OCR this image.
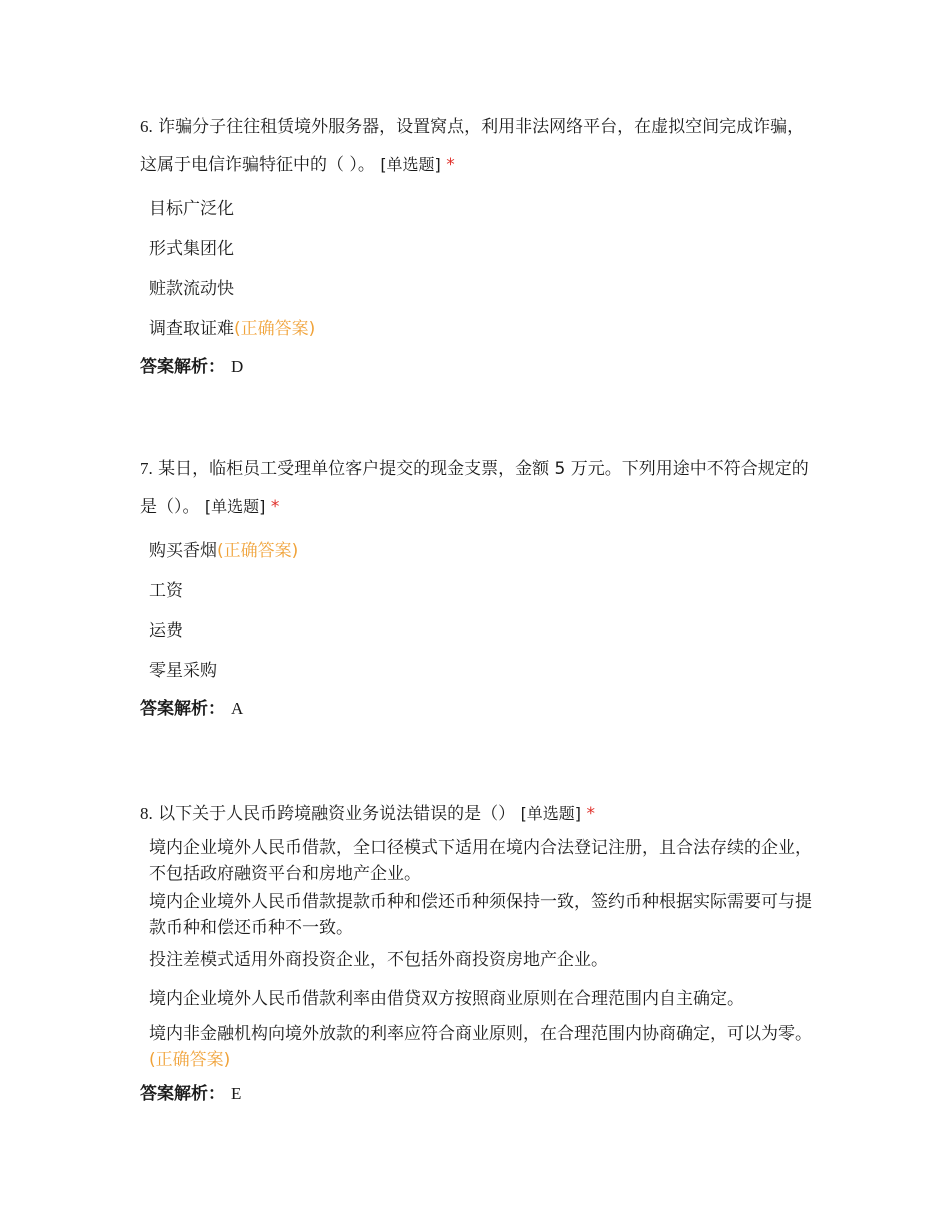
6. 诈骗分子往往租赁境外服务器，设置窝点，利用非法网络平台，在虚拟空间完成诈骗，这属于电信诈骗特征中的（ ）。 [单选题] *

目标广泛化
形式集团化
赃款流动快
调查取证难(正确答案)
答案解析： D

7. 某日，临柜员工受理单位客户提交的现金支票，金额 5 万元。下列用途中不符合规定的是（）。 [单选题] *

购买香烟(正确答案)
工资
运费
零星采购
答案解析： A

8. 以下关于人民币跨境融资业务说法错误的是（） [单选题] *

境内企业境外人民币借款，全口径模式下适用在境内合法登记注册，且合法存续的企业，不包括政府融资平台和房地产企业。
境内企业境外人民币借款提款币种和偿还币种须保持一致，签约币种根据实际需要可与提款币种和偿还币种不一致。
投注差模式适用外商投资企业，不包括外商投资房地产企业。
境内企业境外人民币借款利率由借贷双方按照商业原则在合理范围内自主确定。
境内非金融机构向境外放款的利率应符合商业原则，在合理范围内协商确定，可以为零。(正确答案)
答案解析： E
